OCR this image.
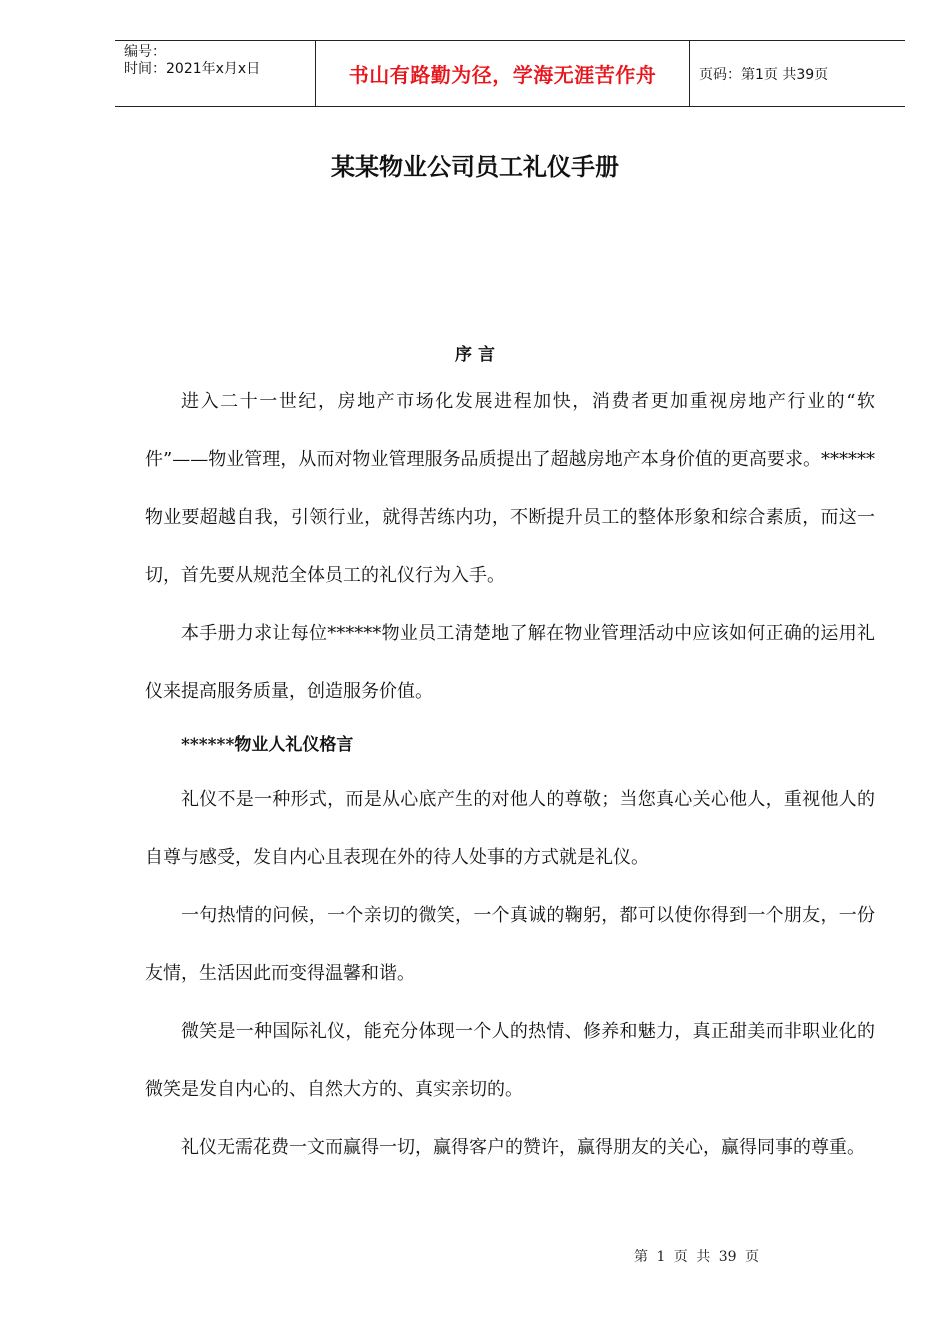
编号：
时间：2021年x月x日	书山有路勤为径，学海无涯苦作舟	页码：第1页 共39页
某某物业公司员工礼仪手册
序 言

进入二十一世纪，房地产市场化发展进程加快，消费者更加重视房地产行业的“软件”——物业管理，从而对物业管理服务品质提出了超越房地产本身价值的更高要求。******物业要超越自我，引领行业，就得苦练内功，不断提升员工的整体形象和综合素质，而这一切，首先要从规范全体员工的礼仪行为入手。

本手册力求让每位******物业员工清楚地了解在物业管理活动中应该如何正确的运用礼仪来提高服务质量，创造服务价值。

******物业人礼仪格言

礼仪不是一种形式，而是从心底产生的对他人的尊敬；当您真心关心他人，重视他人的自尊与感受，发自内心且表现在外的待人处事的方式就是礼仪。

一句热情的问候，一个亲切的微笑，一个真诚的鞠躬，都可以使你得到一个朋友，一份友情，生活因此而变得温馨和谐。

微笑是一种国际礼仪，能充分体现一个人的热情、修养和魅力，真正甜美而非职业化的微笑是发自内心的、自然大方的、真实亲切的。

礼仪无需花费一文而赢得一切，赢得客户的赞许，赢得朋友的关心，赢得同事的尊重。

第 1 页 共 39 页
